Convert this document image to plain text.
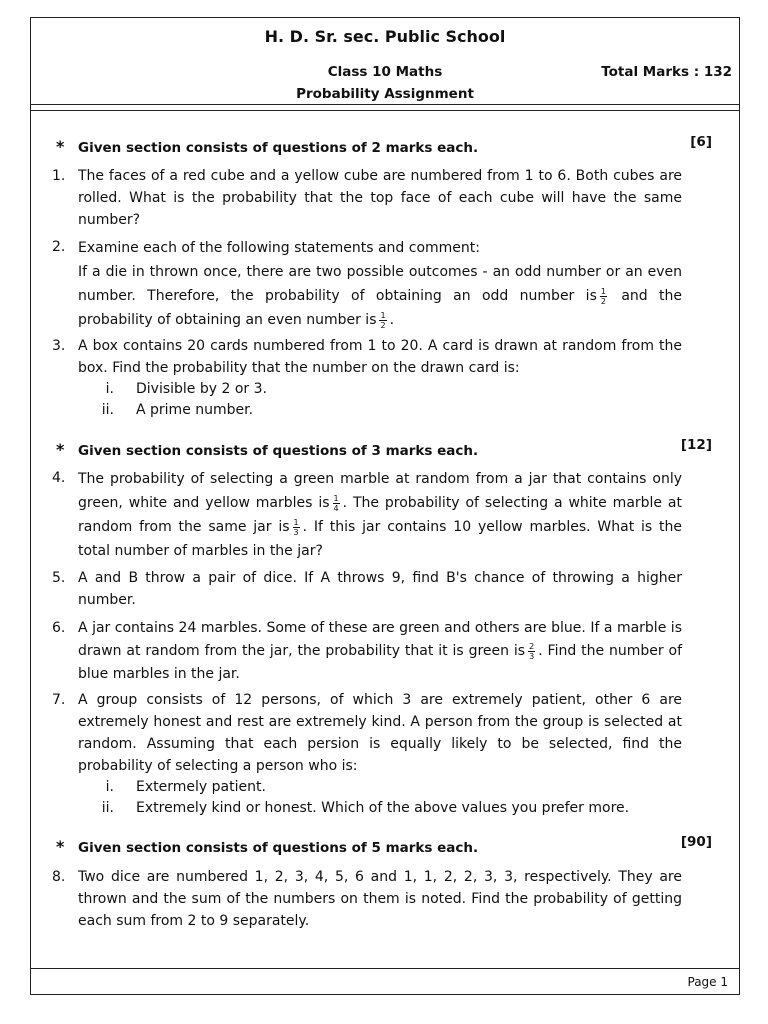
H. D. Sr. sec. Public School
Class 10 Maths	Total Marks : 132
Probability Assignment
* Given section consists of questions of 2 marks each.	[6]
1. The faces of a red cube and a yellow cube are numbered from 1 to 6. Both cubes are rolled. What is the probability that the top face of each cube will have the same number?
2. Examine each of the following statements and comment:
If a die in thrown once, there are two possible outcomes - an odd number or an even number. Therefore, the probability of obtaining an odd number is $\frac{1}{2}$ and the probability of obtaining an even number is $\frac{1}{2}$ .
3. A box contains 20 cards numbered from 1 to 20. A card is drawn at random from the box. Find the probability that the number on the drawn card is:
i. Divisible by 2 or 3.
ii. A prime number.
* Given section consists of questions of 3 marks each.	[12]
4. The probability of selecting a green marble at random from a jar that contains only green, white and yellow marbles is $\frac{1}{4}$ . The probability of selecting a white marble at random from the same jar is $\frac{1}{3}$ . If this jar contains 10 yellow marbles. What is the total number of marbles in the jar?
5. A and B throw a pair of dice. If A throws 9, find B's chance of throwing a higher number.
6. A jar contains 24 marbles. Some of these are green and others are blue. If a marble is drawn at random from the jar, the probability that it is green is $\frac{2}{3}$ . Find the number of blue marbles in the jar.
7. A group consists of 12 persons, of which 3 are extremely patient, other 6 are extremely honest and rest are extremely kind. A person from the group is selected at random. Assuming that each persion is equally likely to be selected, find the probability of selecting a person who is:
i. Extermely patient.
ii. Extremely kind or honest. Which of the above values you prefer more.
* Given section consists of questions of 5 marks each.	[90]
8. Two dice are numbered 1, 2, 3, 4, 5, 6 and 1, 1, 2, 2, 3, 3, respectively. They are thrown and the sum of the numbers on them is noted. Find the probability of getting each sum from 2 to 9 separately.
Page 1
